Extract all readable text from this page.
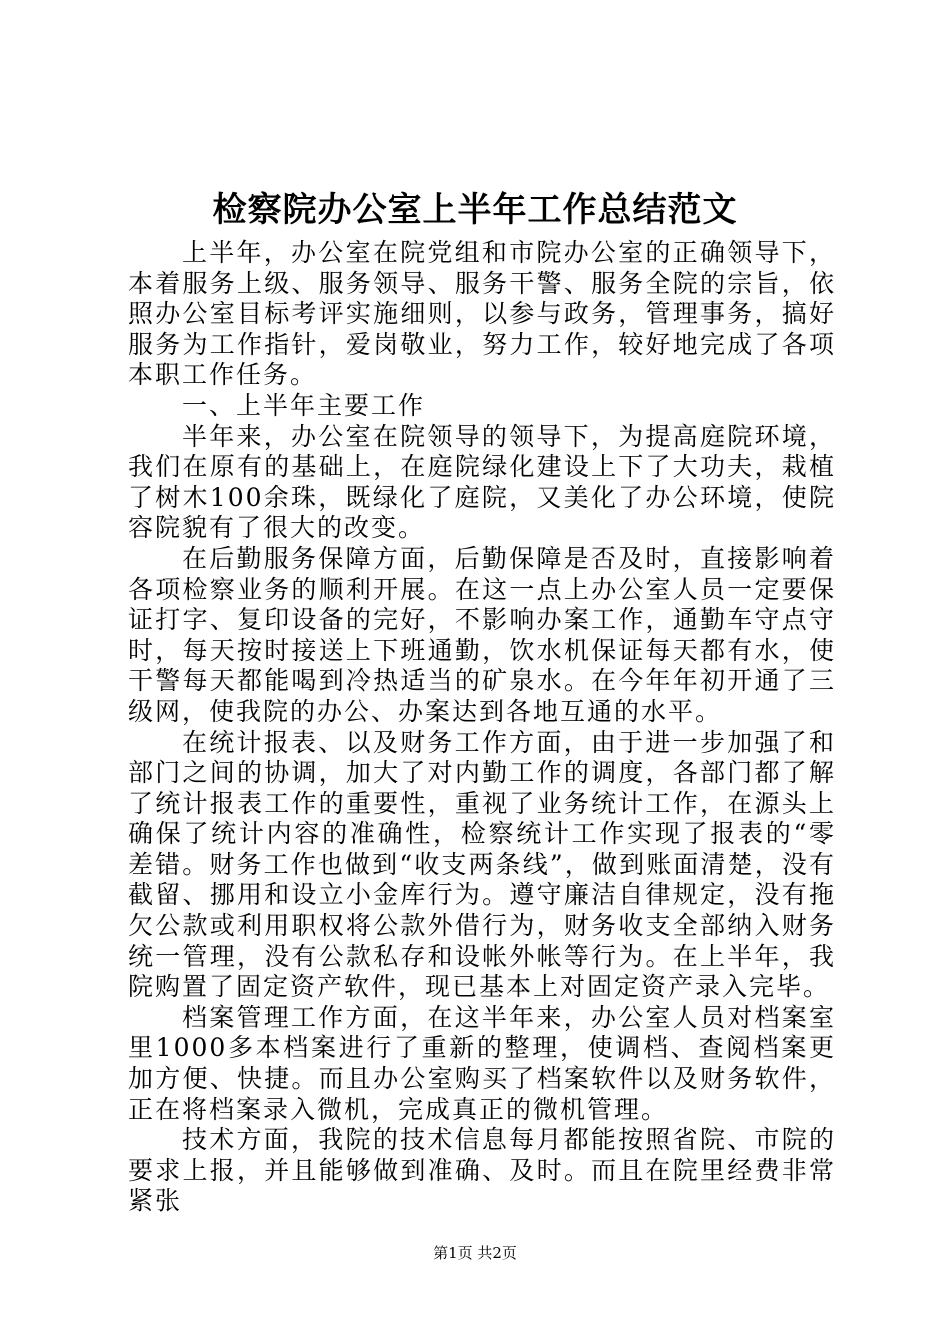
检察院办公室上半年工作总结范文

上半年，办公室在院党组和市院办公室的正确领导下，本着服务上级、服务领导、服务干警、服务全院的宗旨，依照办公室目标考评实施细则，以参与政务，管理事务，搞好服务为工作指针，爱岗敬业，努力工作，较好地完成了各项本职工作任务。

一、上半年主要工作

半年来，办公室在院领导的领导下，为提高庭院环境，我们在原有的基础上，在庭院绿化建设上下了大功夫，栽植了树木100余珠，既绿化了庭院，又美化了办公环境，使院容院貌有了很大的改变。

在后勤服务保障方面，后勤保障是否及时，直接影响着各项检察业务的顺利开展。在这一点上办公室人员一定要保证打字、复印设备的完好，不影响办案工作，通勤车守点守时，每天按时接送上下班通勤，饮水机保证每天都有水，使干警每天都能喝到冷热适当的矿泉水。在今年年初开通了三级网，使我院的办公、办案达到各地互通的水平。

在统计报表、以及财务工作方面，由于进一步加强了和部门之间的协调，加大了对内勤工作的调度，各部门都了解了统计报表工作的重要性，重视了业务统计工作，在源头上确保了统计内容的准确性，检察统计工作实现了报表的“零差错。财务工作也做到“收支两条线”，做到账面清楚，没有截留、挪用和设立小金库行为。遵守廉洁自律规定，没有拖欠公款或利用职权将公款外借行为，财务收支全部纳入财务统一管理，没有公款私存和设帐外帐等行为。在上半年，我院购置了固定资产软件，现已基本上对固定资产录入完毕。

档案管理工作方面，在这半年来，办公室人员对档案室里1000多本档案进行了重新的整理，使调档、查阅档案更加方便、快捷。而且办公室购买了档案软件以及财务软件，正在将档案录入微机，完成真正的微机管理。

技术方面，我院的技术信息每月都能按照省院、市院的要求上报，并且能够做到准确、及时。而且在院里经费非常紧张

第1页 共2页
